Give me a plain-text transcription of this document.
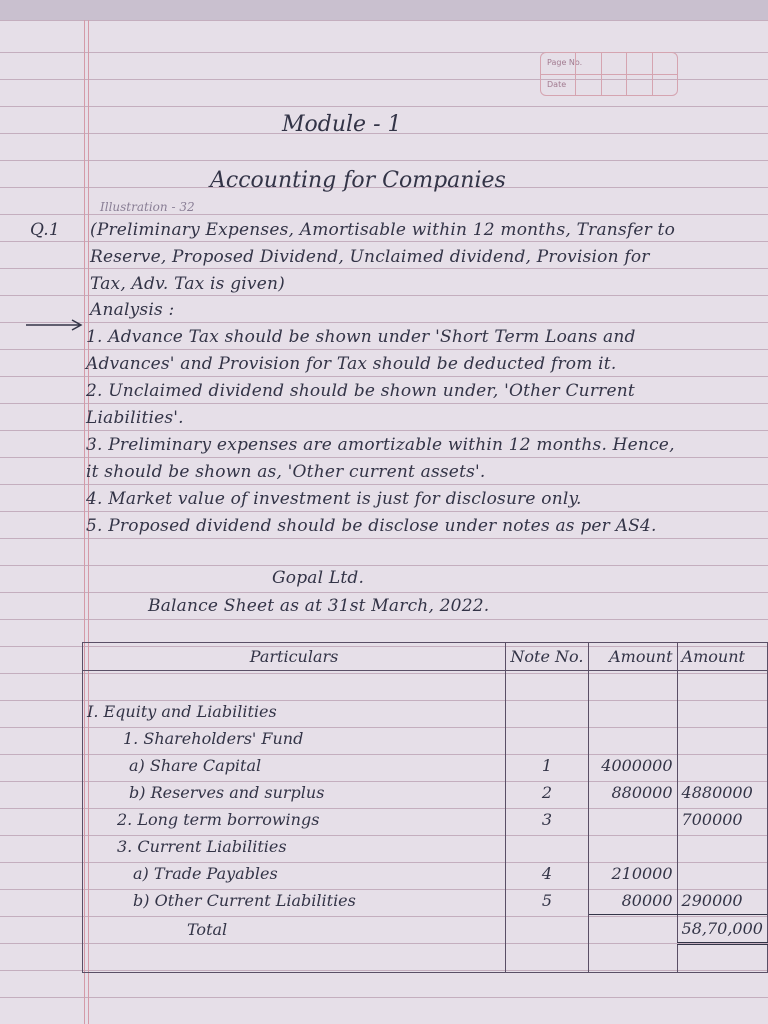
Page No.
Date
Module - 1
Accounting for Companies
Illustration - 32
Q.1 (Preliminary Expenses, Amortisable within 12 months, Transfer to
Reserve, Proposed Dividend, Unclaimed dividend, Provision for
Tax, Adv. Tax is given)
Analysis :
1. Advance Tax should be shown under 'Short Term Loans and
Advances' and Provision for Tax should be deducted from it.
2. Unclaimed dividend should be shown under, 'Other Current
Liabilities'.
3. Preliminary expenses are amortizable within 12 months. Hence,
it should be shown as, 'Other current assets'.
4. Market value of investment is just for disclosure only.
5. Proposed dividend should be disclose under notes as per AS4.
Gopal Ltd.
Balance Sheet as at 31st March, 2022.
Particulars	Note No.	Amount	Amount

I. Equity and Liabilities			
1. Shareholders' Fund			
a) Share Capital	1	4000000	
b) Reserves and surplus	2	880000	4880000
2. Long term borrowings	3		700000
3. Current Liabilities			
a) Trade Payables	4	210000	
b) Other Current Liabilities	5	80000	290000
Total			58,70,000
